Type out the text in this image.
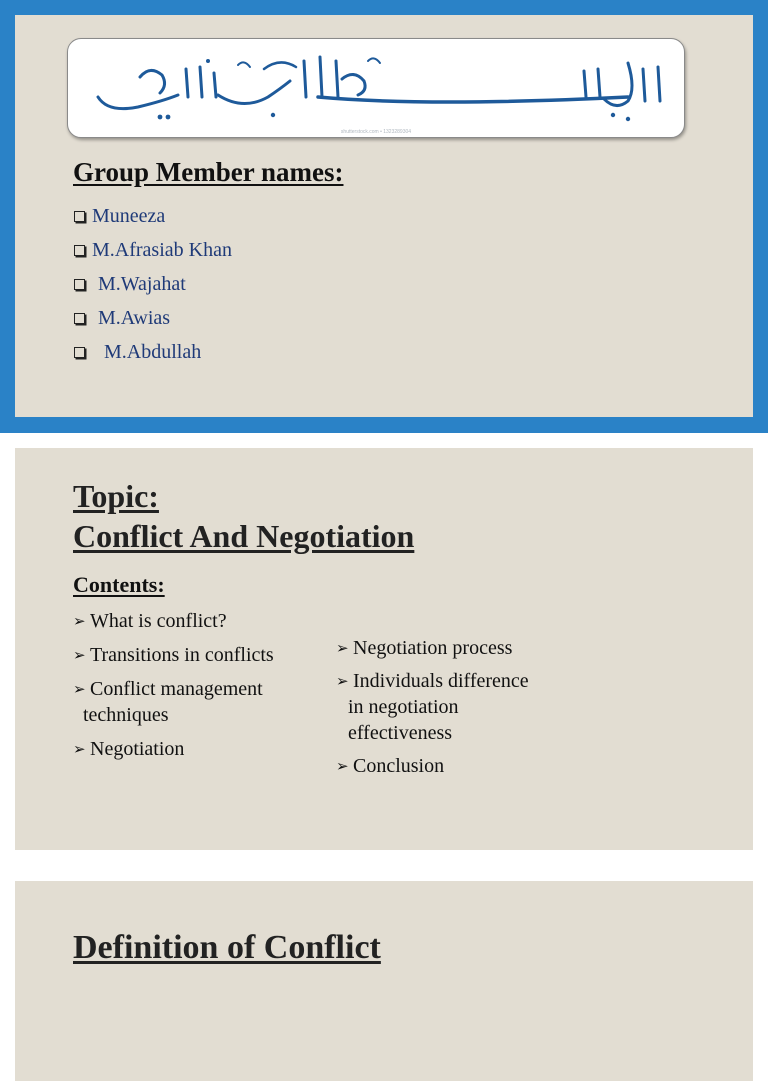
بسم الله الرحمن الرحيم
shutterstock.com • 1323289304
Group Member names:
Muneeza
M.Afrasiab Khan
M.Wajahat
M.Awias
M.Abdullah
Topic:
Conflict And Negotiation
Contents:
➢ What is conflict?
➢ Transitions in conflicts
➢ Conflict management
techniques
➢ Negotiation
➢ Negotiation process
➢ Individuals difference
in negotiation
effectiveness
➢ Conclusion
Definition of Conflict
